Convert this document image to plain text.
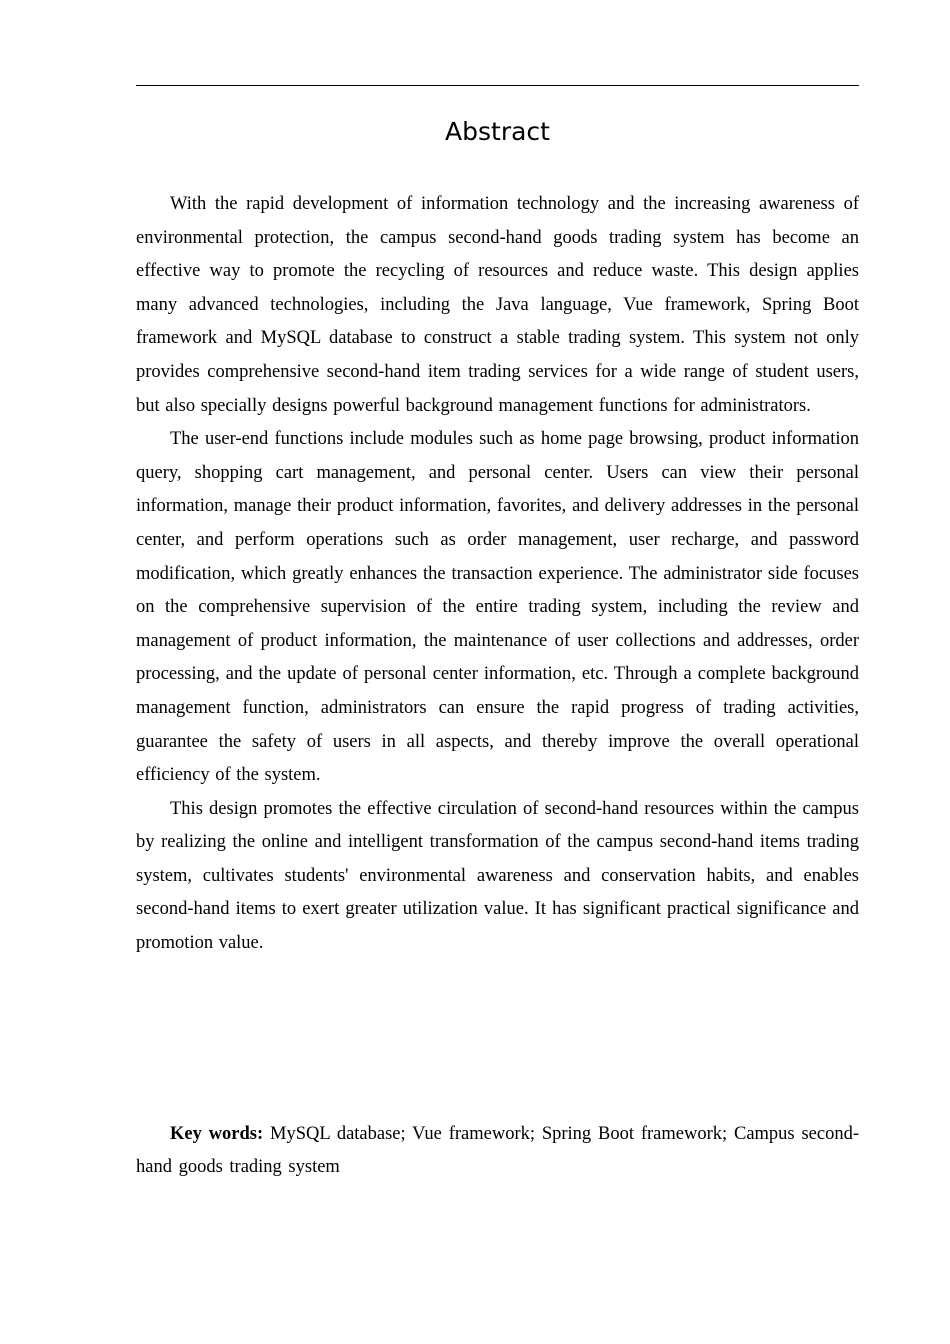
Abstract

With the rapid development of information technology and the increasing awareness of environmental protection, the campus second-hand goods trading system has become an effective way to promote the recycling of resources and reduce waste. This design applies many advanced technologies, including the Java language, Vue framework, Spring Boot framework and MySQL database to construct a stable trading system. This system not only provides comprehensive second-hand item trading services for a wide range of student users, but also specially designs powerful background management functions for administrators.

The user-end functions include modules such as home page browsing, product information query, shopping cart management, and personal center. Users can view their personal information, manage their product information, favorites, and delivery addresses in the personal center, and perform operations such as order management, user recharge, and password modification, which greatly enhances the transaction experience. The administrator side focuses on the comprehensive supervision of the entire trading system, including the review and management of product information, the maintenance of user collections and addresses, order processing, and the update of personal center information, etc. Through a complete background management function, administrators can ensure the rapid progress of trading activities, guarantee the safety of users in all aspects, and thereby improve the overall operational efficiency of the system.

This design promotes the effective circulation of second-hand resources within the campus by realizing the online and intelligent transformation of the campus second-hand items trading system, cultivates students' environmental awareness and conservation habits, and enables second-hand items to exert greater utilization value. It has significant practical significance and promotion value.

Key words: MySQL database; Vue framework; Spring Boot framework; Campus second-hand goods trading system
